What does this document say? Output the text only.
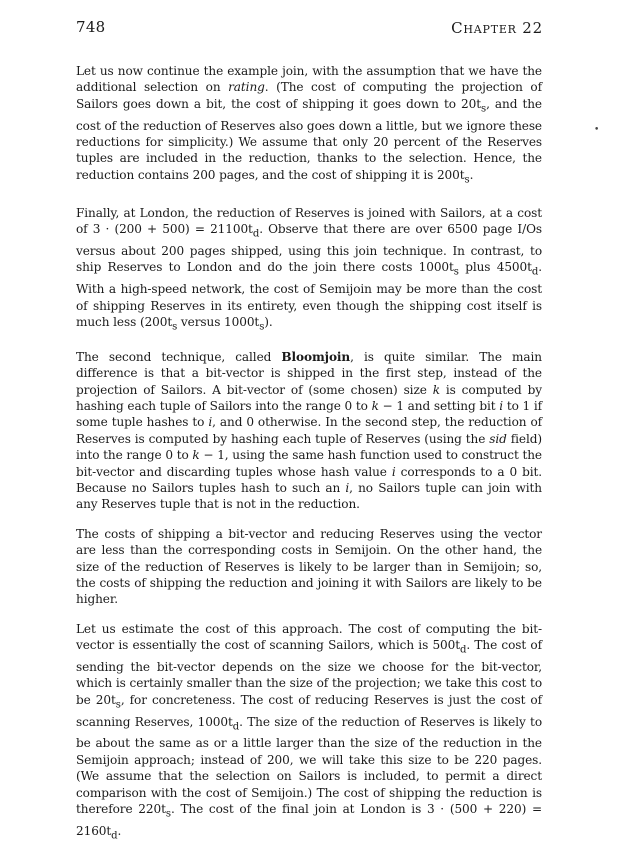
748	Chapter 22
•

Let us now continue the example join, with the assumption that we have the additional selection on rating. (The cost of computing the projection of Sailors goes down a bit, the cost of shipping it goes down to $20t_s$, and the cost of the reduction of Reserves also goes down a little, but we ignore these reductions for simplicity.) We assume that only 20 percent of the Reserves tuples are included in the reduction, thanks to the selection. Hence, the reduction contains 200 pages, and the cost of shipping it is $200t_s$.

Finally, at London, the reduction of Reserves is joined with Sailors, at a cost of $3 \cdot (200 + 500) = 21100t_d$. Observe that there are over 6500 page I/Os versus about 200 pages shipped, using this join technique. In contrast, to ship Reserves to London and do the join there costs $1000t_s$ plus $4500t_d$. With a high-speed network, the cost of Semijoin may be more than the cost of shipping Reserves in its entirety, even though the shipping cost itself is much less ($200t_s$ versus $1000t_s$).

The second technique, called Bloomjoin, is quite similar. The main difference is that a bit-vector is shipped in the first step, instead of the projection of Sailors. A bit-vector of (some chosen) size k is computed by hashing each tuple of Sailors into the range 0 to k − 1 and setting bit i to 1 if some tuple hashes to i, and 0 otherwise. In the second step, the reduction of Reserves is computed by hashing each tuple of Reserves (using the sid field) into the range 0 to k − 1, using the same hash function used to construct the bit-vector and discarding tuples whose hash value i corresponds to a 0 bit. Because no Sailors tuples hash to such an i, no Sailors tuple can join with any Reserves tuple that is not in the reduction.

The costs of shipping a bit-vector and reducing Reserves using the vector are less than the corresponding costs in Semijoin. On the other hand, the size of the reduction of Reserves is likely to be larger than in Semijoin; so, the costs of shipping the reduction and joining it with Sailors are likely to be higher.

Let us estimate the cost of this approach. The cost of computing the bit-vector is essentially the cost of scanning Sailors, which is $500t_d$. The cost of sending the bit-vector depends on the size we choose for the bit-vector, which is certainly smaller than the size of the projection; we take this cost to be $20t_s$, for concreteness. The cost of reducing Reserves is just the cost of scanning Reserves, $1000t_d$. The size of the reduction of Reserves is likely to be about the same as or a little larger than the size of the reduction in the Semijoin approach; instead of 200, we will take this size to be 220 pages. (We assume that the selection on Sailors is included, to permit a direct comparison with the cost of Semijoin.) The cost of shipping the reduction is therefore $220t_s$. The cost of the final join at London is $3 \cdot (500 + 220) = 2160t_d$.
